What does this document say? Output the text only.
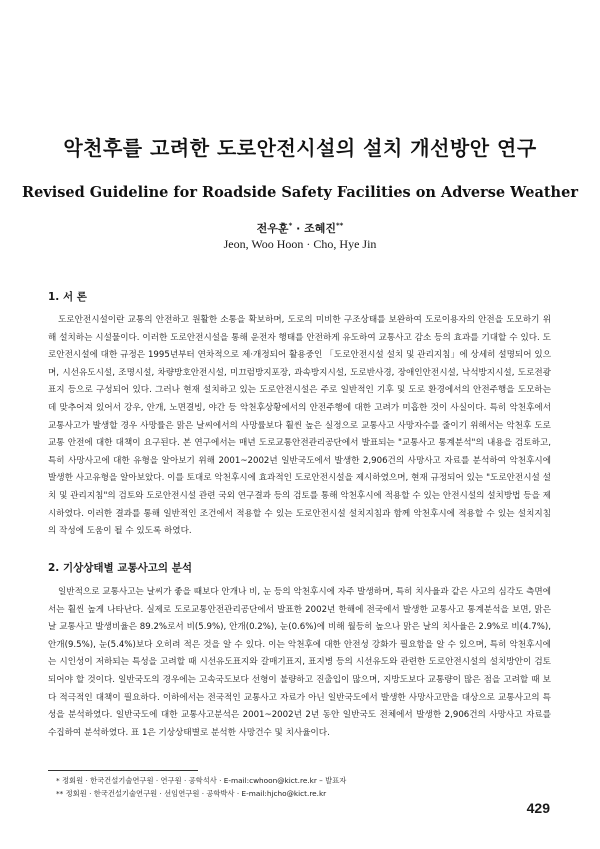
악천후를 고려한 도로안전시설의 설치 개선방안 연구
Revised Guideline for Roadside Safety Facilities on Adverse Weather
전우훈* · 조혜진**
Jeon, Woo Hoon · Cho, Hye Jin
1. 서 론

도로안전시설이란 교통의 안전하고 원활한 소통을 확보하며, 도로의 미비한 구조상태를 보완하여 도로이용자의 안전을 도모하기 위해 설치하는 시설물이다. 이러한 도로안전시설을 통해 운전자 행태를 안전하게 유도하여 교통사고 감소 등의 효과를 기대할 수 있다. 도로안전시설에 대한 규정은 1995년부터 연차적으로 제·개정되어 활용중인 「도로안전시설 설치 및 관리지침」에 상세히 설명되어 있으며, 시선유도시설, 조명시설, 차량방호안전시설, 미끄럼방지포장, 과속방지시설, 도로반사경, 장애인안전시설, 낙석방지시설, 도로전광표지 등으로 구성되어 있다. 그러나 현재 설치하고 있는 도로안전시설은 주로 일반적인 기후 및 도로 환경에서의 안전주행을 도모하는데 맞추어져 있어서 강우, 안개, 노면결빙, 야간 등 악천후상황에서의 안전주행에 대한 고려가 미흡한 것이 사실이다. 특히 악천후에서 교통사고가 발생할 경우 사망률은 맑은 날씨에서의 사망률보다 훨씬 높은 실정으로 교통사고 사망자수를 줄이기 위해서는 악천후 도로교통 안전에 대한 대책이 요구된다. 본 연구에서는 매년 도로교통안전관리공단에서 발표되는 "교통사고 통계분석"의 내용을 검토하고, 특히 사망사고에 대한 유형을 알아보기 위해 2001~2002년 일반국도에서 발생한 2,906건의 사망사고 자료를 분석하여 악천후시에 발생한 사고유형을 알아보았다. 이를 토대로 악천후시에 효과적인 도로안전시설을 제시하였으며, 현재 규정되어 있는 "도로안전시설 설치 및 관리지침"의 검토와 도로안전시설 관련 국외 연구결과 등의 검토를 통해 악천후시에 적용할 수 있는 안전시설의 설치방법 등을 제시하였다. 이러한 결과를 통해 일반적인 조건에서 적용할 수 있는 도로안전시설 설치지침과 함께 악천후시에 적용할 수 있는 설치지침의 작성에 도움이 될 수 있도록 하였다.

2. 기상상태별 교통사고의 분석

일반적으로 교통사고는 날씨가 좋을 때보다 안개나 비, 눈 등의 악천후시에 자주 발생하며, 특히 치사율과 같은 사고의 심각도 측면에서는 훨씬 높게 나타난다. 실제로 도로교통안전관리공단에서 발표한 2002년 한해에 전국에서 발생한 교통사고 통계분석을 보면, 맑은날 교통사고 발생비율은 89.2%로서 비(5.9%), 안개(0.2%), 눈(0.6%)에 비해 월등히 높으나 맑은 날의 치사율은 2.9%로 비(4.7%), 안개(9.5%), 눈(5.4%)보다 오히려 적은 것을 알 수 있다. 이는 악천후에 대한 안전성 강화가 필요함을 알 수 있으며, 특히 악천후시에는 시인성이 저하되는 특성을 고려할 때 시선유도표지와 갈매기표지, 표지병 등의 시선유도와 관련한 도로안전시설의 설치방안이 검토되어야 할 것이다. 일반국도의 경우에는 고속국도보다 선형이 불량하고 진출입이 많으며, 지방도보다 교통량이 많은 점을 고려할 때 보다 적극적인 대책이 필요하다. 이하에서는 전국적인 교통사고 자료가 아닌 일반국도에서 발생한 사망사고만을 대상으로 교통사고의 특성을 분석하였다. 일반국도에 대한 교통사고분석은 2001~2002년 2년 동안 일반국도 전체에서 발생한 2,906건의 사망사고 자료를 수집하여 분석하였다. 표 1은 기상상태별로 분석한 사망건수 및 치사율이다.

* 정회원 · 한국건설기술연구원 · 연구원 · 공학석사 · E-mail:cwhoon@kict.re.kr – 발표자
** 정회원 · 한국건설기술연구원 · 선임연구원 · 공학박사 · E-mail:hjcho@kict.re.kr
429
